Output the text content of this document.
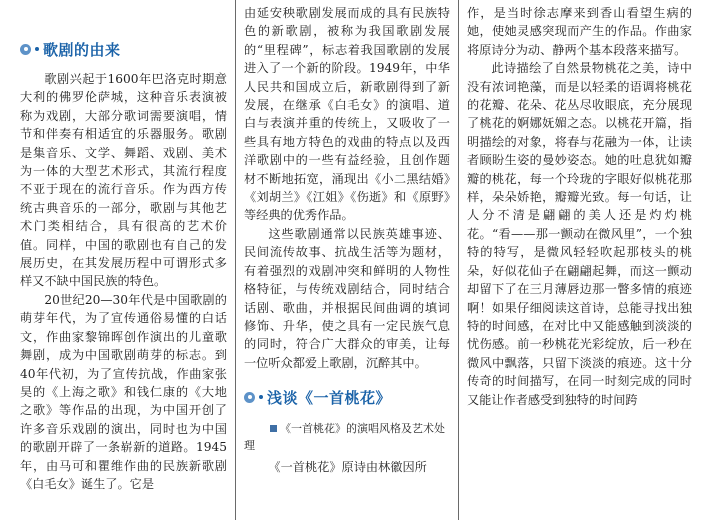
歌剧的由来

歌剧兴起于1600年巴洛克时期意大利的佛罗伦萨城，这种音乐表演被称为戏剧，大部分歌词需要演唱，情节和伴奏有相适宜的乐器服务。歌剧是集音乐、文学、舞蹈、戏剧、美术为一体的大型艺术形式，其流行程度不亚于现在的流行音乐。作为西方传统古典音乐的一部分，歌剧与其他艺术门类相结合，具有很高的艺术价值。同样，中国的歌剧也有自己的发展历史，在其发展历程中可谓形式多样又不缺中国民族的特色。

20世纪20—30年代是中国歌剧的萌芽年代，为了宣传通俗易懂的白话文，作曲家黎锦晖创作演出的儿童歌舞剧，成为中国歌剧萌芽的标志。到40年代初，为了宣传抗战，作曲家张昊的《上海之歌》和钱仁康的《大地之歌》等作品的出现，为中国开创了许多音乐戏剧的演出，同时也为中国的歌剧开辟了一条崭新的道路。1945年，由马可和瞿维作曲的民族新歌剧《白毛女》诞生了。它是

由延安秧歌剧发展而成的具有民族特色的新歌剧，被称为我国歌剧发展的“里程碑”，标志着我国歌剧的发展进入了一个新的阶段。1949年，中华人民共和国成立后，新歌剧得到了新发展，在继承《白毛女》的演唱、道白与表演并重的传统上，又吸收了一些具有地方特色的戏曲的特点以及西洋歌剧中的一些有益经验，且创作题材不断地拓宽，涌现出《小二黑结婚》《刘胡兰》《江姐》《伤逝》和《原野》等经典的优秀作品。

这些歌剧通常以民族英雄事迹、民间流传故事、抗战生活等为题材，有着强烈的戏剧冲突和鲜明的人物性格特征，与传统戏剧结合，同时结合话剧、歌曲，并根据民间曲调的填词修饰、升华，使之具有一定民族气息的同时，符合广大群众的审美，让每一位听众都爱上歌剧，沉醉其中。

浅谈《一首桃花》

《一首桃花》的演唱风格及艺术处理

《一首桃花》原诗由林徽因所

作，是当时徐志摩来到香山看望生病的她，使她灵感突现而产生的作品。作曲家将原诗分为动、静两个基本段落来描写。

此诗描绘了自然景物桃花之美，诗中没有浓词艳藻，而是以轻柔的语调将桃花的花瓣、花朵、花丛尽收眼底，充分展现了桃花的婀娜妩媚之态。以桃花开篇，指明描绘的对象，将春与花融为一体，让读者顾盼生姿的曼妙姿态。她的吐息犹如瓣瓣的桃花，每一个玲珑的字眼好似桃花那样，朵朵娇艳，瓣瓣光致。每一句话，让人分不清是翩翩的美人还是灼灼桃花。“看——那一颤动在微风里”，一个独特的特写，是微风轻轻吹起那枝头的桃朵，好似花仙子在翩翩起舞，而这一颤动却留下了在三月薄唇边那一瞥多情的痕迹啊！如果仔细阅读这首诗，总能寻找出独特的时间感，在对比中又能感触到淡淡的忧伤感。前一秒桃花光彩绽放，后一秒在微风中飘落，只留下淡淡的痕迹。这十分传奇的时间描写，在同一时刻完成的同时又能让作者感受到独特的时间跨
